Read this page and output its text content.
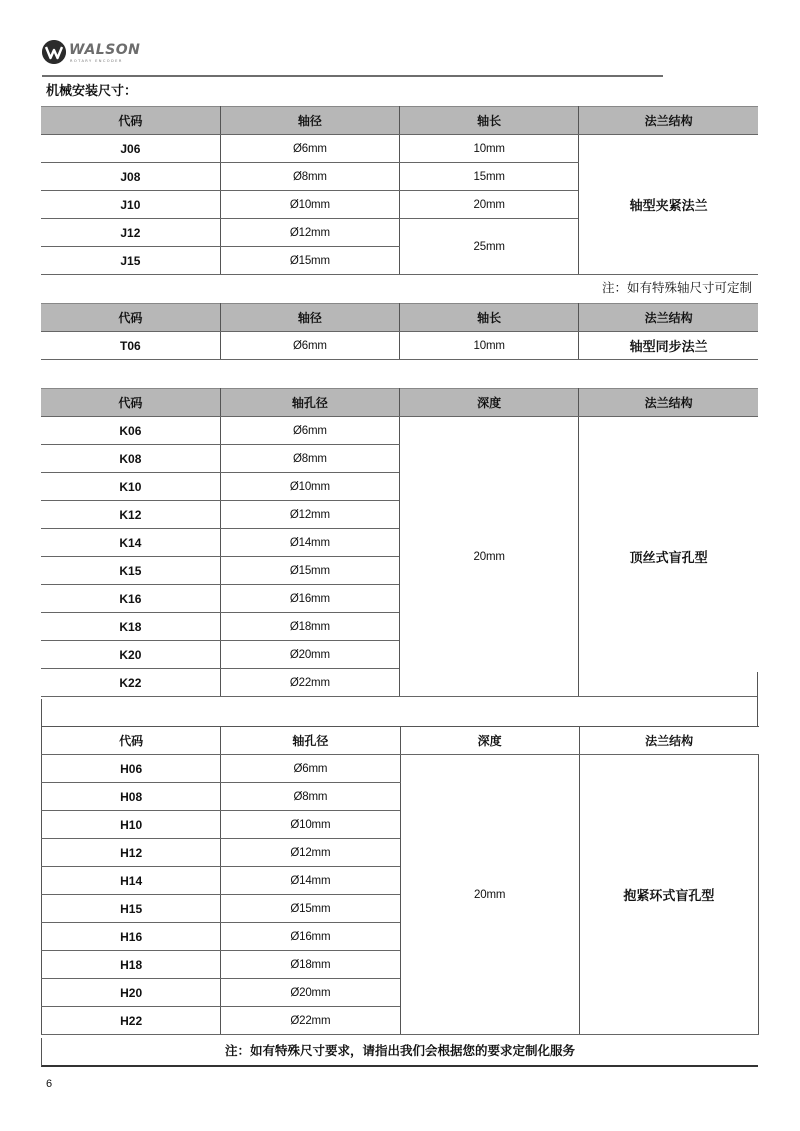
WALSON
ROTARY ENCODER
机械安装尺寸：
代码	轴径	轴长	法兰结构
J06	Ø6mm	10mm	轴型夹紧法兰
J08	Ø8mm	15mm	
J10	Ø10mm	20mm	
J12	Ø12mm	25mm	
J15	Ø15mm		
注：如有特殊轴尺寸可定制
代码	轴径	轴长	法兰结构
T06	Ø6mm	10mm	轴型同步法兰
代码	轴孔径	深度	法兰结构
K06	Ø6mm	20mm	顶丝式盲孔型
K08	Ø8mm		
K10	Ø10mm		
K12	Ø12mm		
K14	Ø14mm		
K15	Ø15mm		
K16	Ø16mm		
K18	Ø18mm		
K20	Ø20mm		
K22	Ø22mm		
代码	轴孔径	深度	法兰结构
H06	Ø6mm	20mm	抱紧环式盲孔型
H08	Ø8mm		
H10	Ø10mm		
H12	Ø12mm		
H14	Ø14mm		
H15	Ø15mm		
H16	Ø16mm		
H18	Ø18mm		
H20	Ø20mm		
H22	Ø22mm		
注：如有特殊尺寸要求，请指出我们会根据您的要求定制化服务
6
